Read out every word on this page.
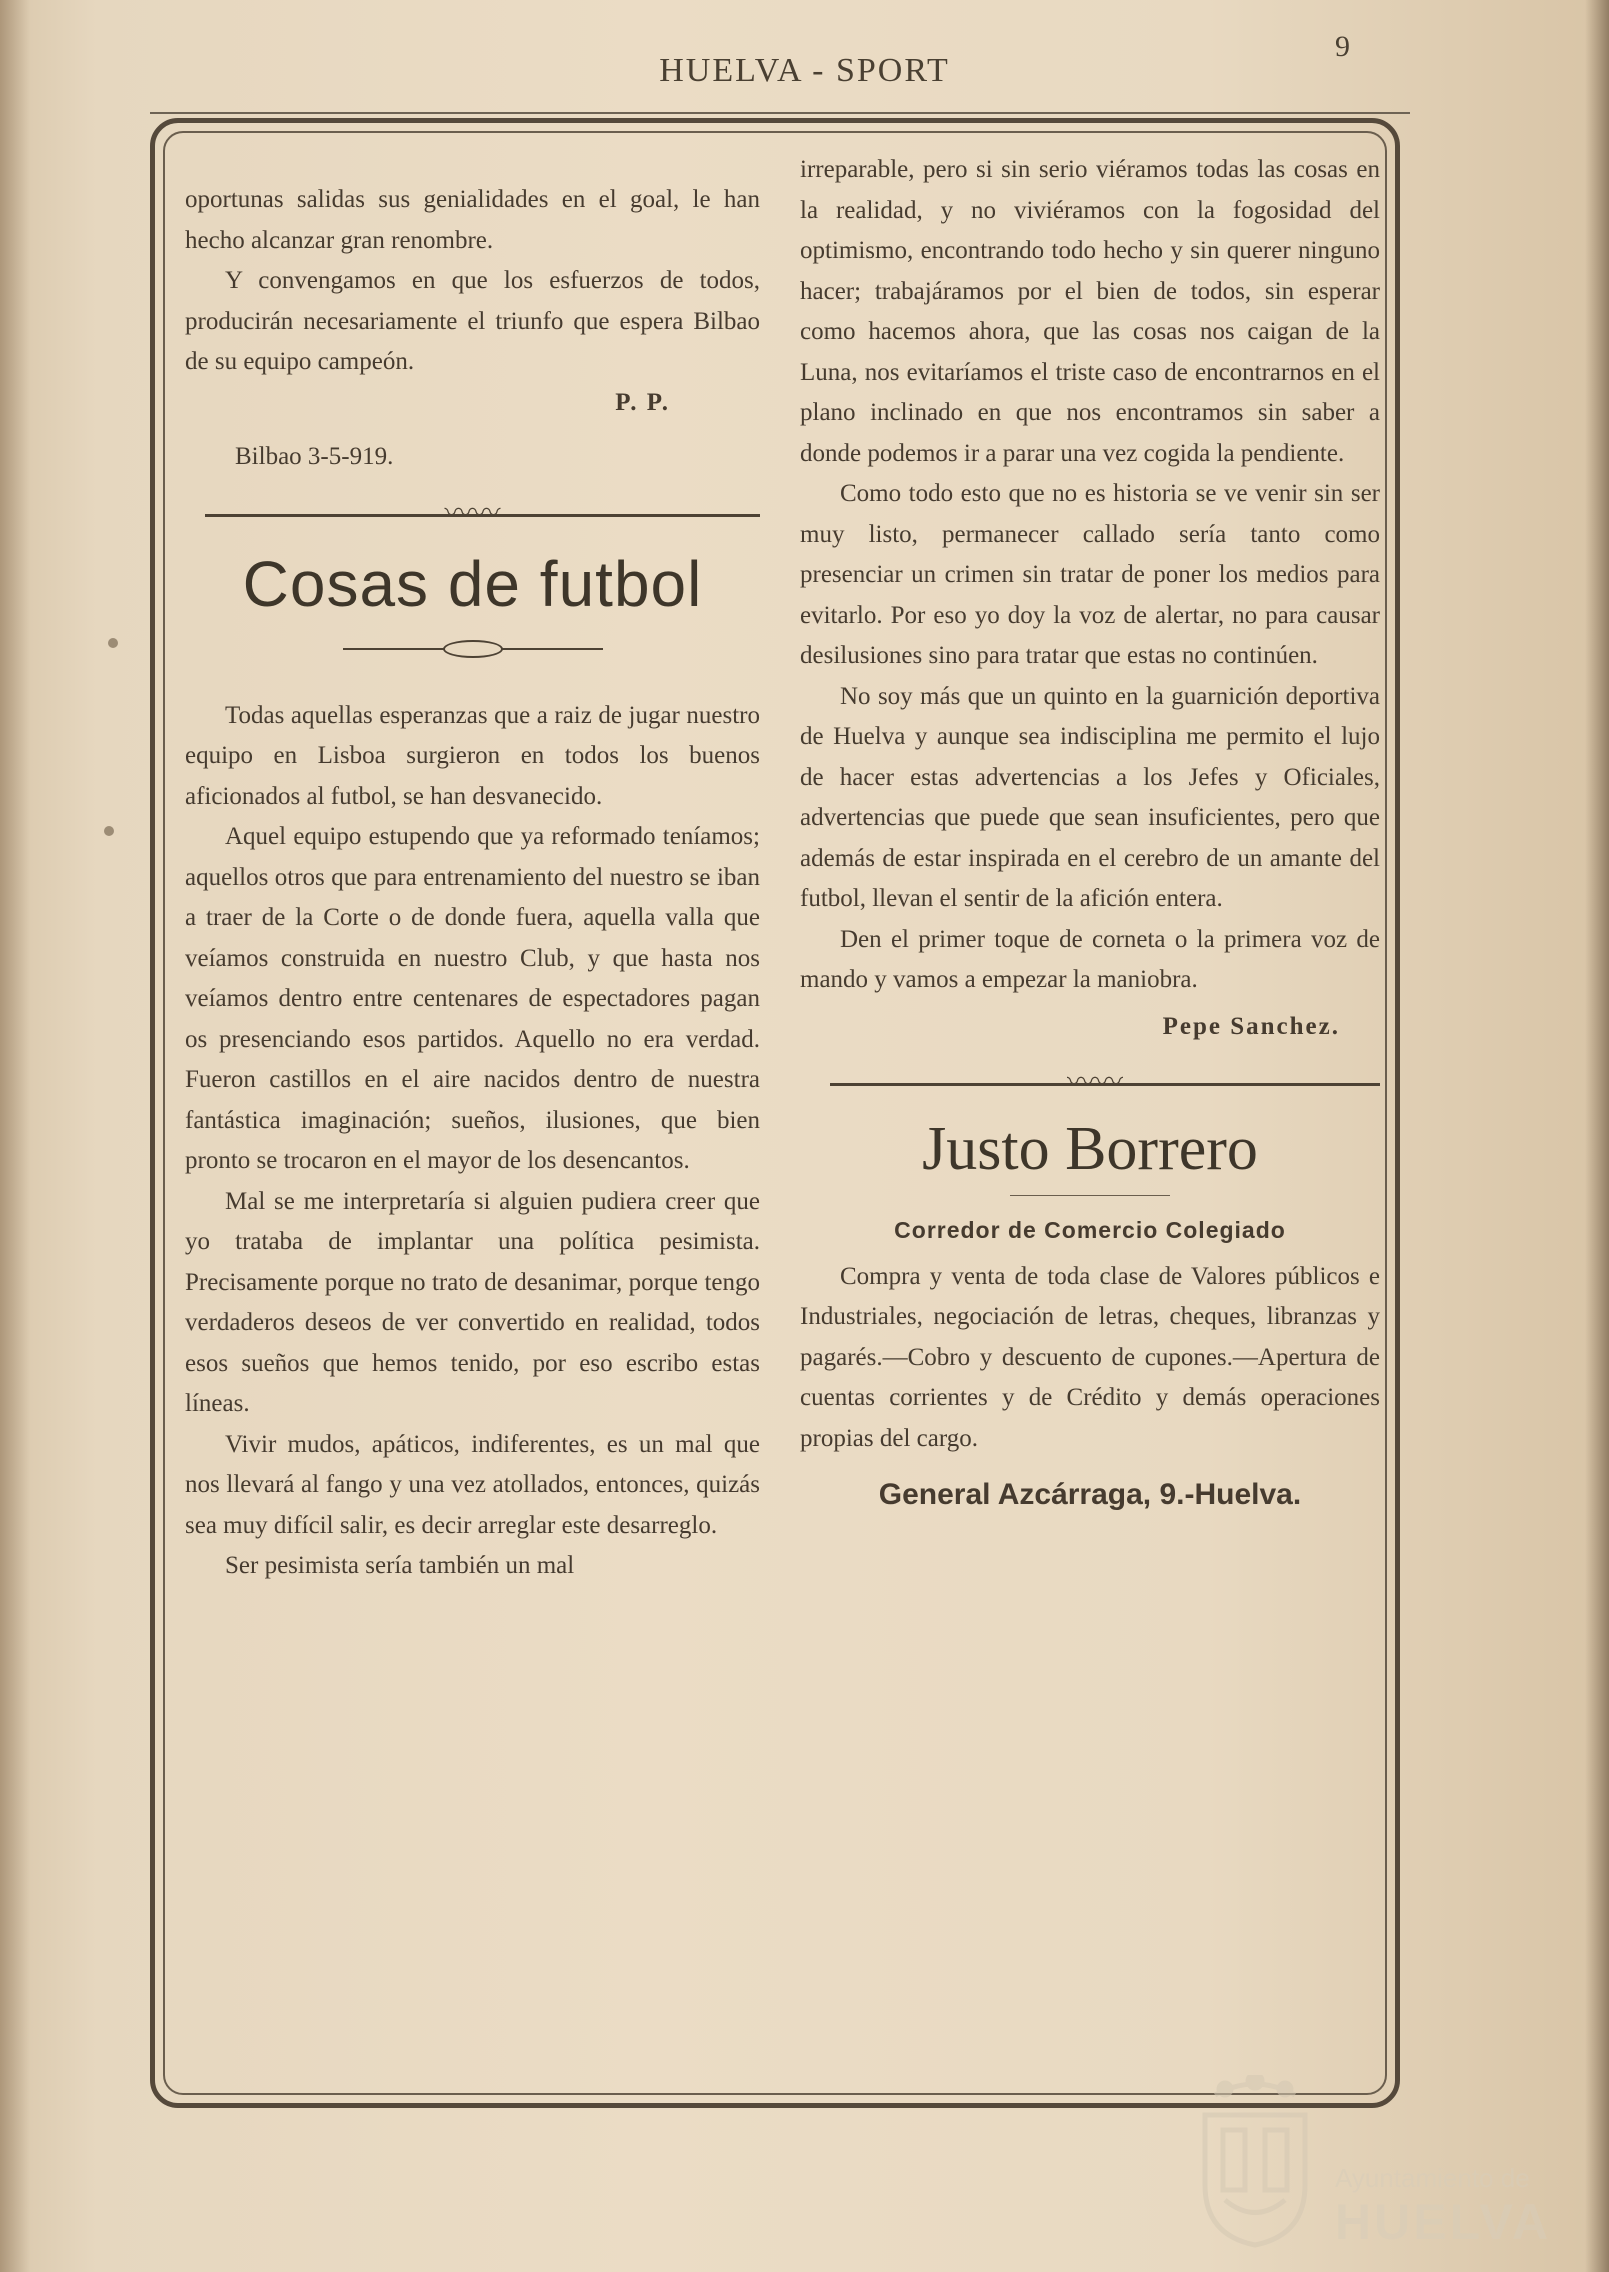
HUELVA - SPORT
9

oportunas salidas sus genialidades en el goal, le han hecho alcanzar gran renombre.

Y convengamos en que los esfuerzos de todos, producirán necesariamente el triunfo que espera Bilbao de su equipo campeón.

P. P.

Bilbao 3-5-919.

〰〰

Cosas de futbol

Todas aquellas esperanzas que a raiz de jugar nuestro equipo en Lisboa surgieron en todos los buenos aficionados al futbol, se han desvanecido.

Aquel equipo estupendo que ya reformado teníamos; aquellos otros que para entrenamiento del nuestro se iban a traer de la Corte o de donde fuera, aquella valla que veíamos construida en nuestro Club, y que hasta nos veíamos dentro entre centenares de espectadores pagan os presenciando esos partidos. Aquello no era verdad. Fueron castillos en el aire nacidos dentro de nuestra fantástica imaginación; sueños, ilusiones, que bien pronto se trocaron en el mayor de los desencantos.

Mal se me interpretaría si alguien pudiera creer que yo trataba de implantar una política pesimista. Precisamente porque no trato de desanimar, porque tengo verdaderos deseos de ver convertido en realidad, todos esos sueños que hemos tenido, por eso escribo estas líneas.

Vivir mudos, apáticos, indiferentes, es un mal que nos llevará al fango y una vez atollados, entonces, quizás sea muy difícil salir, es decir arreglar este desarreglo.

Ser pesimista sería también un mal

irreparable, pero si sin serio viéramos todas las cosas en la realidad, y no viviéramos con la fogosidad del optimismo, encontrando todo hecho y sin querer ninguno hacer; trabajáramos por el bien de todos, sin esperar como hacemos ahora, que las cosas nos caigan de la Luna, nos evitaríamos el triste caso de encontrarnos en el plano inclinado en que nos encontramos sin saber a donde podemos ir a parar una vez cogida la pendiente.

Como todo esto que no es historia se ve venir sin ser muy listo, permanecer callado sería tanto como presenciar un crimen sin tratar de poner los medios para evitarlo. Por eso yo doy la voz de alertar, no para causar desilusiones sino para tratar que estas no continúen.

No soy más que un quinto en la guarnición deportiva de Huelva y aunque sea indisciplina me permito el lujo de hacer estas advertencias a los Jefes y Oficiales, advertencias que puede que sean insuficientes, pero que además de estar inspirada en el cerebro de un amante del futbol, llevan el sentir de la afición entera.

Den el primer toque de corneta o la primera voz de mando y vamos a empezar la maniobra.

Pepe Sanchez.

〰〰

Justo Borrero

Corredor de Comercio Colegiado

Compra y venta de toda clase de Valores públicos e Industriales, negociación de letras, cheques, libranzas y pagarés.—Cobro y descuento de cupones.—Apertura de cuentas corrientes y de Crédito y demás operaciones propias del cargo.

General Azcárraga, 9.-Huelva.

Ayuntamiento de
HUELVA
